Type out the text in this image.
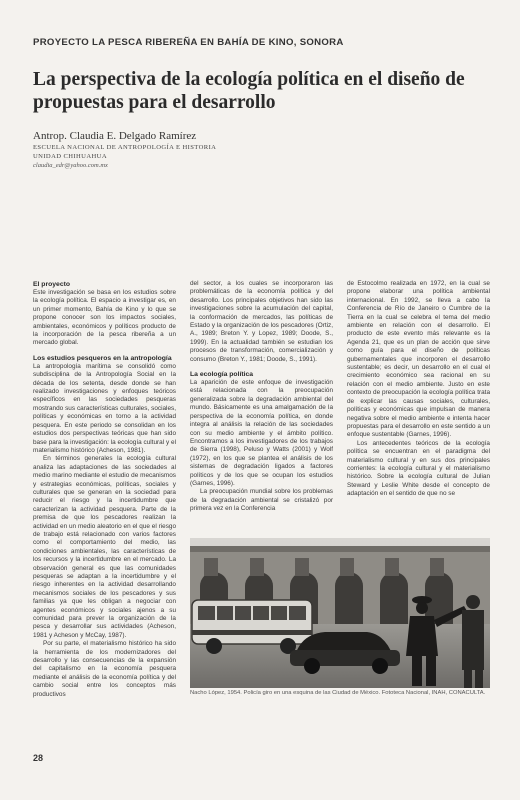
PROYECTO LA PESCA RIBEREÑA EN BAHÍA DE KINO, SONORA
La perspectiva de la ecología política en el diseño de propuestas para el desarrollo
Antrop. Claudia E. Delgado Ramírez
ESCUELA NACIONAL DE ANTROPOLOGÍA E HISTORIA
UNIDAD CHIHUAHUA
claudia_edr@yahoo.com.mx
El proyecto

Este investigación se basa en los estudios sobre la ecología política. El espacio a investigar es, en un primer momento, Bahía de Kino y lo que se propone conocer son los impactos sociales, ambientales, económicos y políticos producto de la incorporación de la pesca ribereña a un mercado global.

Los estudios pesqueros en la antropología

La antropología marítima se consolidó como subdisciplina de la Antropología Social en la década de los setenta, desde donde se han realizado investigaciones y enfoques teóricos específicos en las sociedades pesqueras mostrando sus características culturales, sociales, políticas y económicas en torno a la actividad pesquera. En este periodo se consolidan en los estudios dos perspectivas teóricas que han sido base para la investigación: la ecología cultural y el materialismo histórico (Acheson, 1981).

En términos generales la ecología cultural analiza las adaptaciones de las sociedades al medio marino mediante el estudio de mecanismos y estrategias económicas, políticas, sociales y culturales que se generan en la sociedad para reducir el riesgo y la incertidumbre que caracterizan la actividad pesquera. Parte de la premisa de que los pescadores realizan la actividad en un medio aleatorio en el que el riesgo de trabajo está relacionado con varios factores como el comportamiento del medio, las condiciones ambientales, las características de los recursos y la incertidumbre en el mercado. La observación general es que las comunidades pesqueras se adaptan a la incertidumbre y el riesgo inherentes en la actividad desarrollando mecanismos sociales de los pescadores y sus familias ya que les obligan a negociar con agentes económicos y sociales ajenos a su comunidad para prever la organización de la pesca y desarrollar sus actividades (Acheson, 1981 y Acheson y McCay, 1987).

Por su parte, el materialismo histórico ha sido la herramienta de los modernizadores del desarrollo y las consecuencias de la expansión del capitalismo en la economía pesquera mediante el análisis de la economía política y del cambio social entre los conceptos más productivos

del sector, a los cuales se incorporaron las problemáticas de la economía política y del desarrollo. Los principales objetivos han sido las investigaciones sobre la acumulación del capital, la conformación de mercados, las políticas de Estado y la organización de los pescadores (Ortiz, A., 1989; Breton Y. y Lopez, 1989; Doode, S., 1999). En la actualidad también se estudian los procesos de transformación, comercialización y consumo (Breton Y., 1981; Doode, S., 1991).

La ecología política

La aparición de este enfoque de investigación está relacionada con la preocupación generalizada sobre la degradación ambiental del mundo. Básicamente es una amalgamación de la perspectiva de la economía política, en donde integra al análisis la relación de las sociedades con su medio ambiente y el ámbito político. Encontramos a los investigadores de los trabajos de Sierra (1998), Peluso y Watts (2001) y Wolf (1972), en los que se plantea el análisis de los sistemas de degradación ligados a factores políticos y de los que se ocupan los estudios (Garnes, 1996).

La preocupación mundial sobre los problemas de la degradación ambiental se cristalizó por primera vez en la Conferencia

de Estocolmo realizada en 1972, en la cual se propone elaborar una política ambiental internacional. En 1992, se lleva a cabo la Conferencia de Río de Janeiro o Cumbre de la Tierra en la cual se celebra el tema del medio ambiente en relación con el desarrollo. El producto de este evento más relevante es la Agenda 21, que es un plan de acción que sirve como guía para el diseño de políticas gubernamentales que incorporen el desarrollo sustentable; es decir, un desarrollo en el cual el crecimiento económico sea racional en su relación con el medio ambiente. Justo en este contexto de preocupación la ecología política trata de explicar las causas sociales, culturales, políticas y económicas que impulsan de manera negativa sobre el medio ambiente e intenta hacer propuestas para el desarrollo en este sentido a un enfoque sustentable (Garnes, 1996).

Los antecedentes teóricos de la ecología política se encuentran en el paradigma del materialismo cultural y en sus dos principales corrientes: la ecología cultural y el materialismo histórico. Sobre la ecología cultural de Julian Steward y Leslie White desde el concepto de adaptación en el sentido de que no se

Nacho López, 1954. Policía giro en una esquina de las Ciudad de México. Fototeca Nacional, INAH, CONACULTA.
28
